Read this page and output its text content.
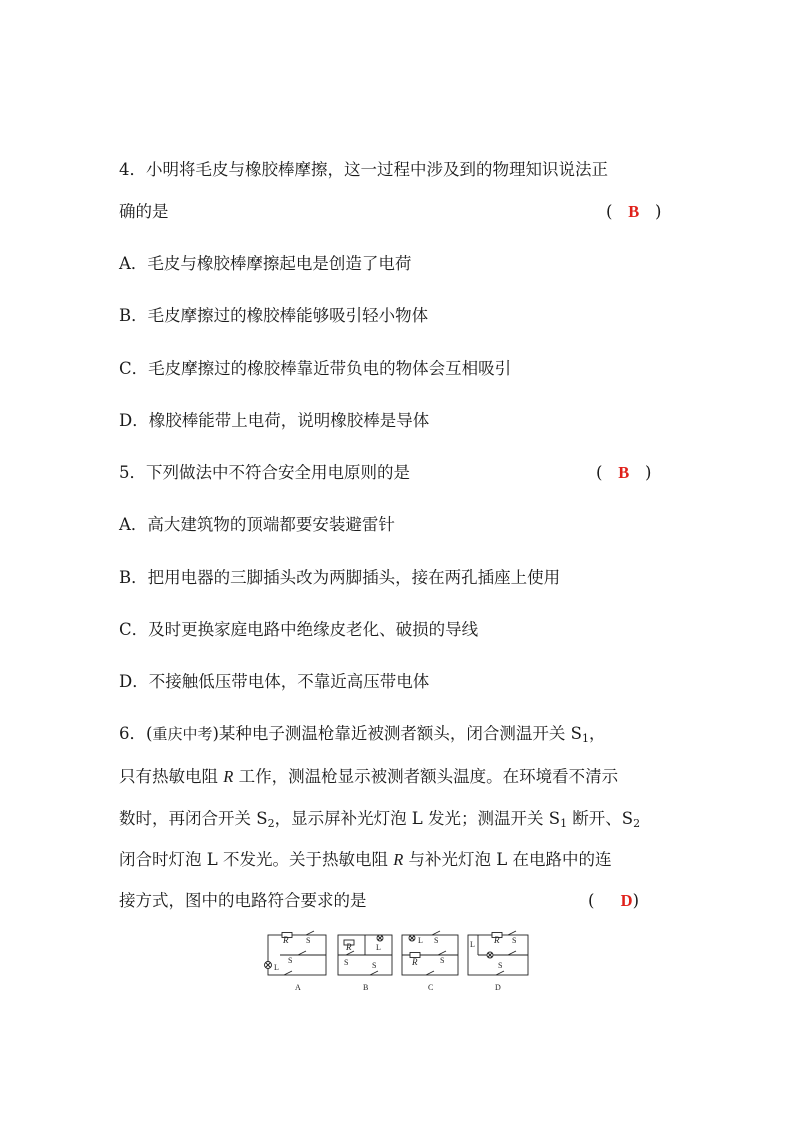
4．小明将毛皮与橡胶棒摩擦，这一过程中涉及到的物理知识说法正
确的是	( B )
A．毛皮与橡胶棒摩擦起电是创造了电荷
B．毛皮摩擦过的橡胶棒能够吸引轻小物体
C．毛皮摩擦过的橡胶棒靠近带负电的物体会互相吸引
D．橡胶棒能带上电荷，说明橡胶棒是导体
5．下列做法中不符合安全用电原则的是	( B )
A．高大建筑物的顶端都要安装避雷针
B．把用电器的三脚插头改为两脚插头，接在两孔插座上使用
C．及时更换家庭电路中绝缘皮老化、破损的导线
D．不接触低压带电体，不靠近高压带电体
6．(重庆中考)某种电子测温枪靠近被测者额头，闭合测温开关 $S_1$，
只有热敏电阻 R 工作，测温枪显示被测者额头温度。在环境看不清示
数时，再闭合开关 $S_2$，显示屏补光灯泡 L 发光；测温开关 $S_1$ 断开、$S_2$
闭合时灯泡 L 不发光。关于热敏电阻 R 与补光灯泡 L 在电路中的连
接方式，图中的电路符合要求的是	( D)
R
L
S
S
A
R	L
S	S
B
L S
R	S
C
L R S
S
D
